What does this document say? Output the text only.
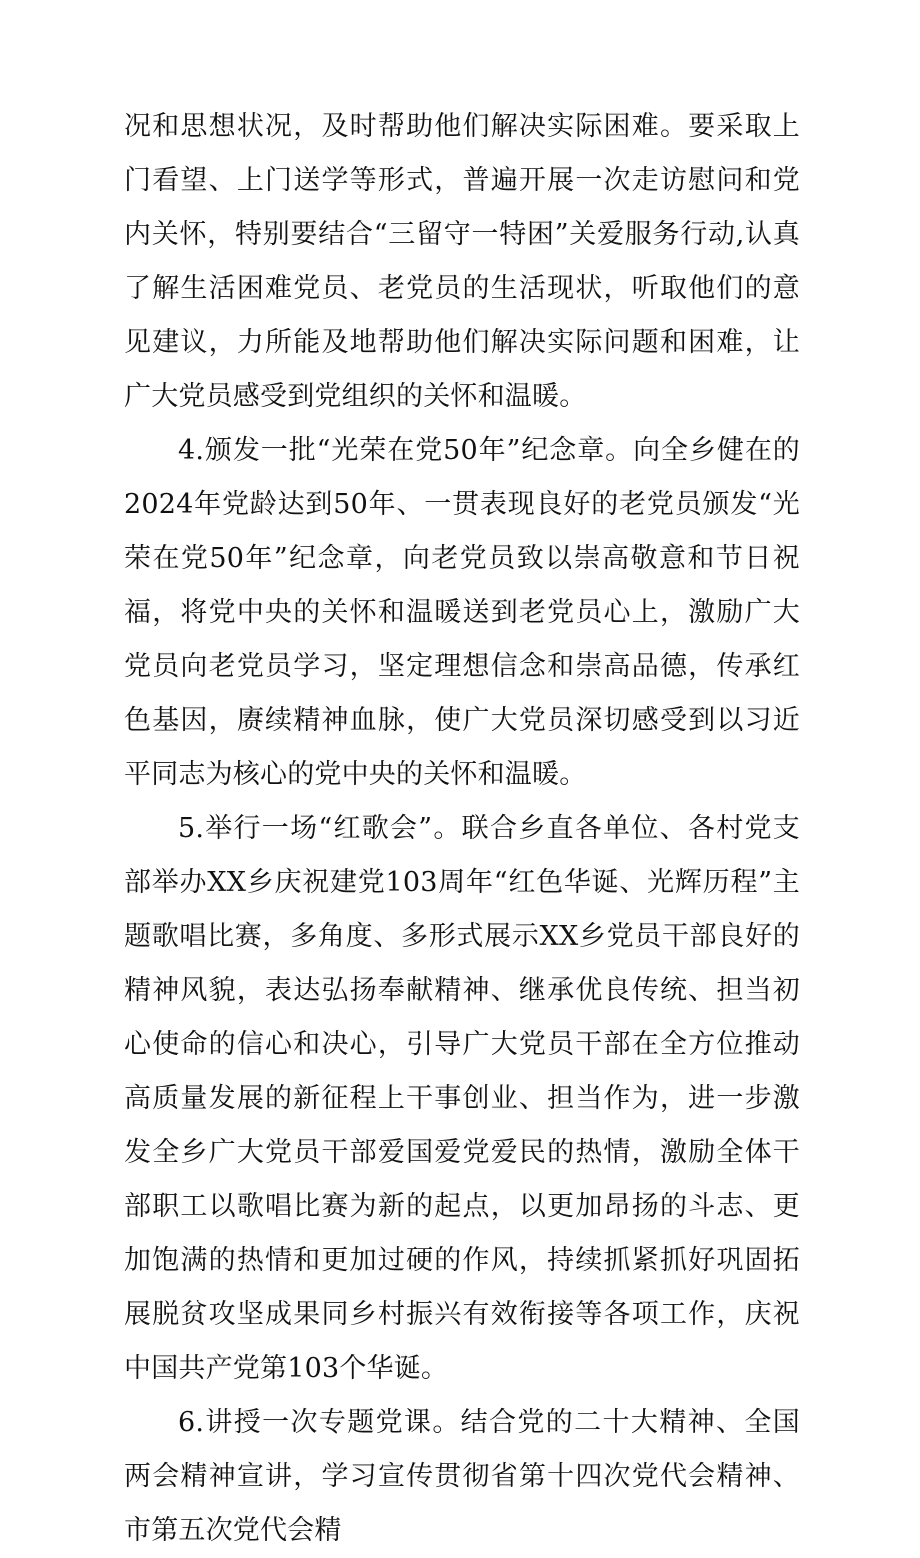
况和思想状况，及时帮助他们解决实际困难。要采取上门看望、上门送学等形式，普遍开展一次走访慰问和党内关怀，特别要结合“三留守一特困”关爱服务行动,认真了解生活困难党员、老党员的生活现状，听取他们的意见建议，力所能及地帮助他们解决实际问题和困难，让广大党员感受到党组织的关怀和温暖。

4.颁发一批“光荣在党50年”纪念章。向全乡健在的2024年党龄达到50年、一贯表现良好的老党员颁发“光荣在党50年”纪念章，向老党员致以崇高敬意和节日祝福，将党中央的关怀和温暖送到老党员心上，激励广大党员向老党员学习，坚定理想信念和崇高品德，传承红色基因，赓续精神血脉，使广大党员深切感受到以习近平同志为核心的党中央的关怀和温暖。

5.举行一场“红歌会”。联合乡直各单位、各村党支部举办XX乡庆祝建党103周年“红色华诞、光辉历程”主题歌唱比赛，多角度、多形式展示XX乡党员干部良好的精神风貌，表达弘扬奉献精神、继承优良传统、担当初心使命的信心和决心，引导广大党员干部在全方位推动高质量发展的新征程上干事创业、担当作为，进一步激发全乡广大党员干部爱国爱党爱民的热情，激励全体干部职工以歌唱比赛为新的起点，以更加昂扬的斗志、更加饱满的热情和更加过硬的作风，持续抓紧抓好巩固拓展脱贫攻坚成果同乡村振兴有效衔接等各项工作，庆祝中国共产党第103个华诞。

6.讲授一次专题党课。结合党的二十大精神、全国两会精神宣讲，学习宣传贯彻省第十四次党代会精神、市第五次党代会精
